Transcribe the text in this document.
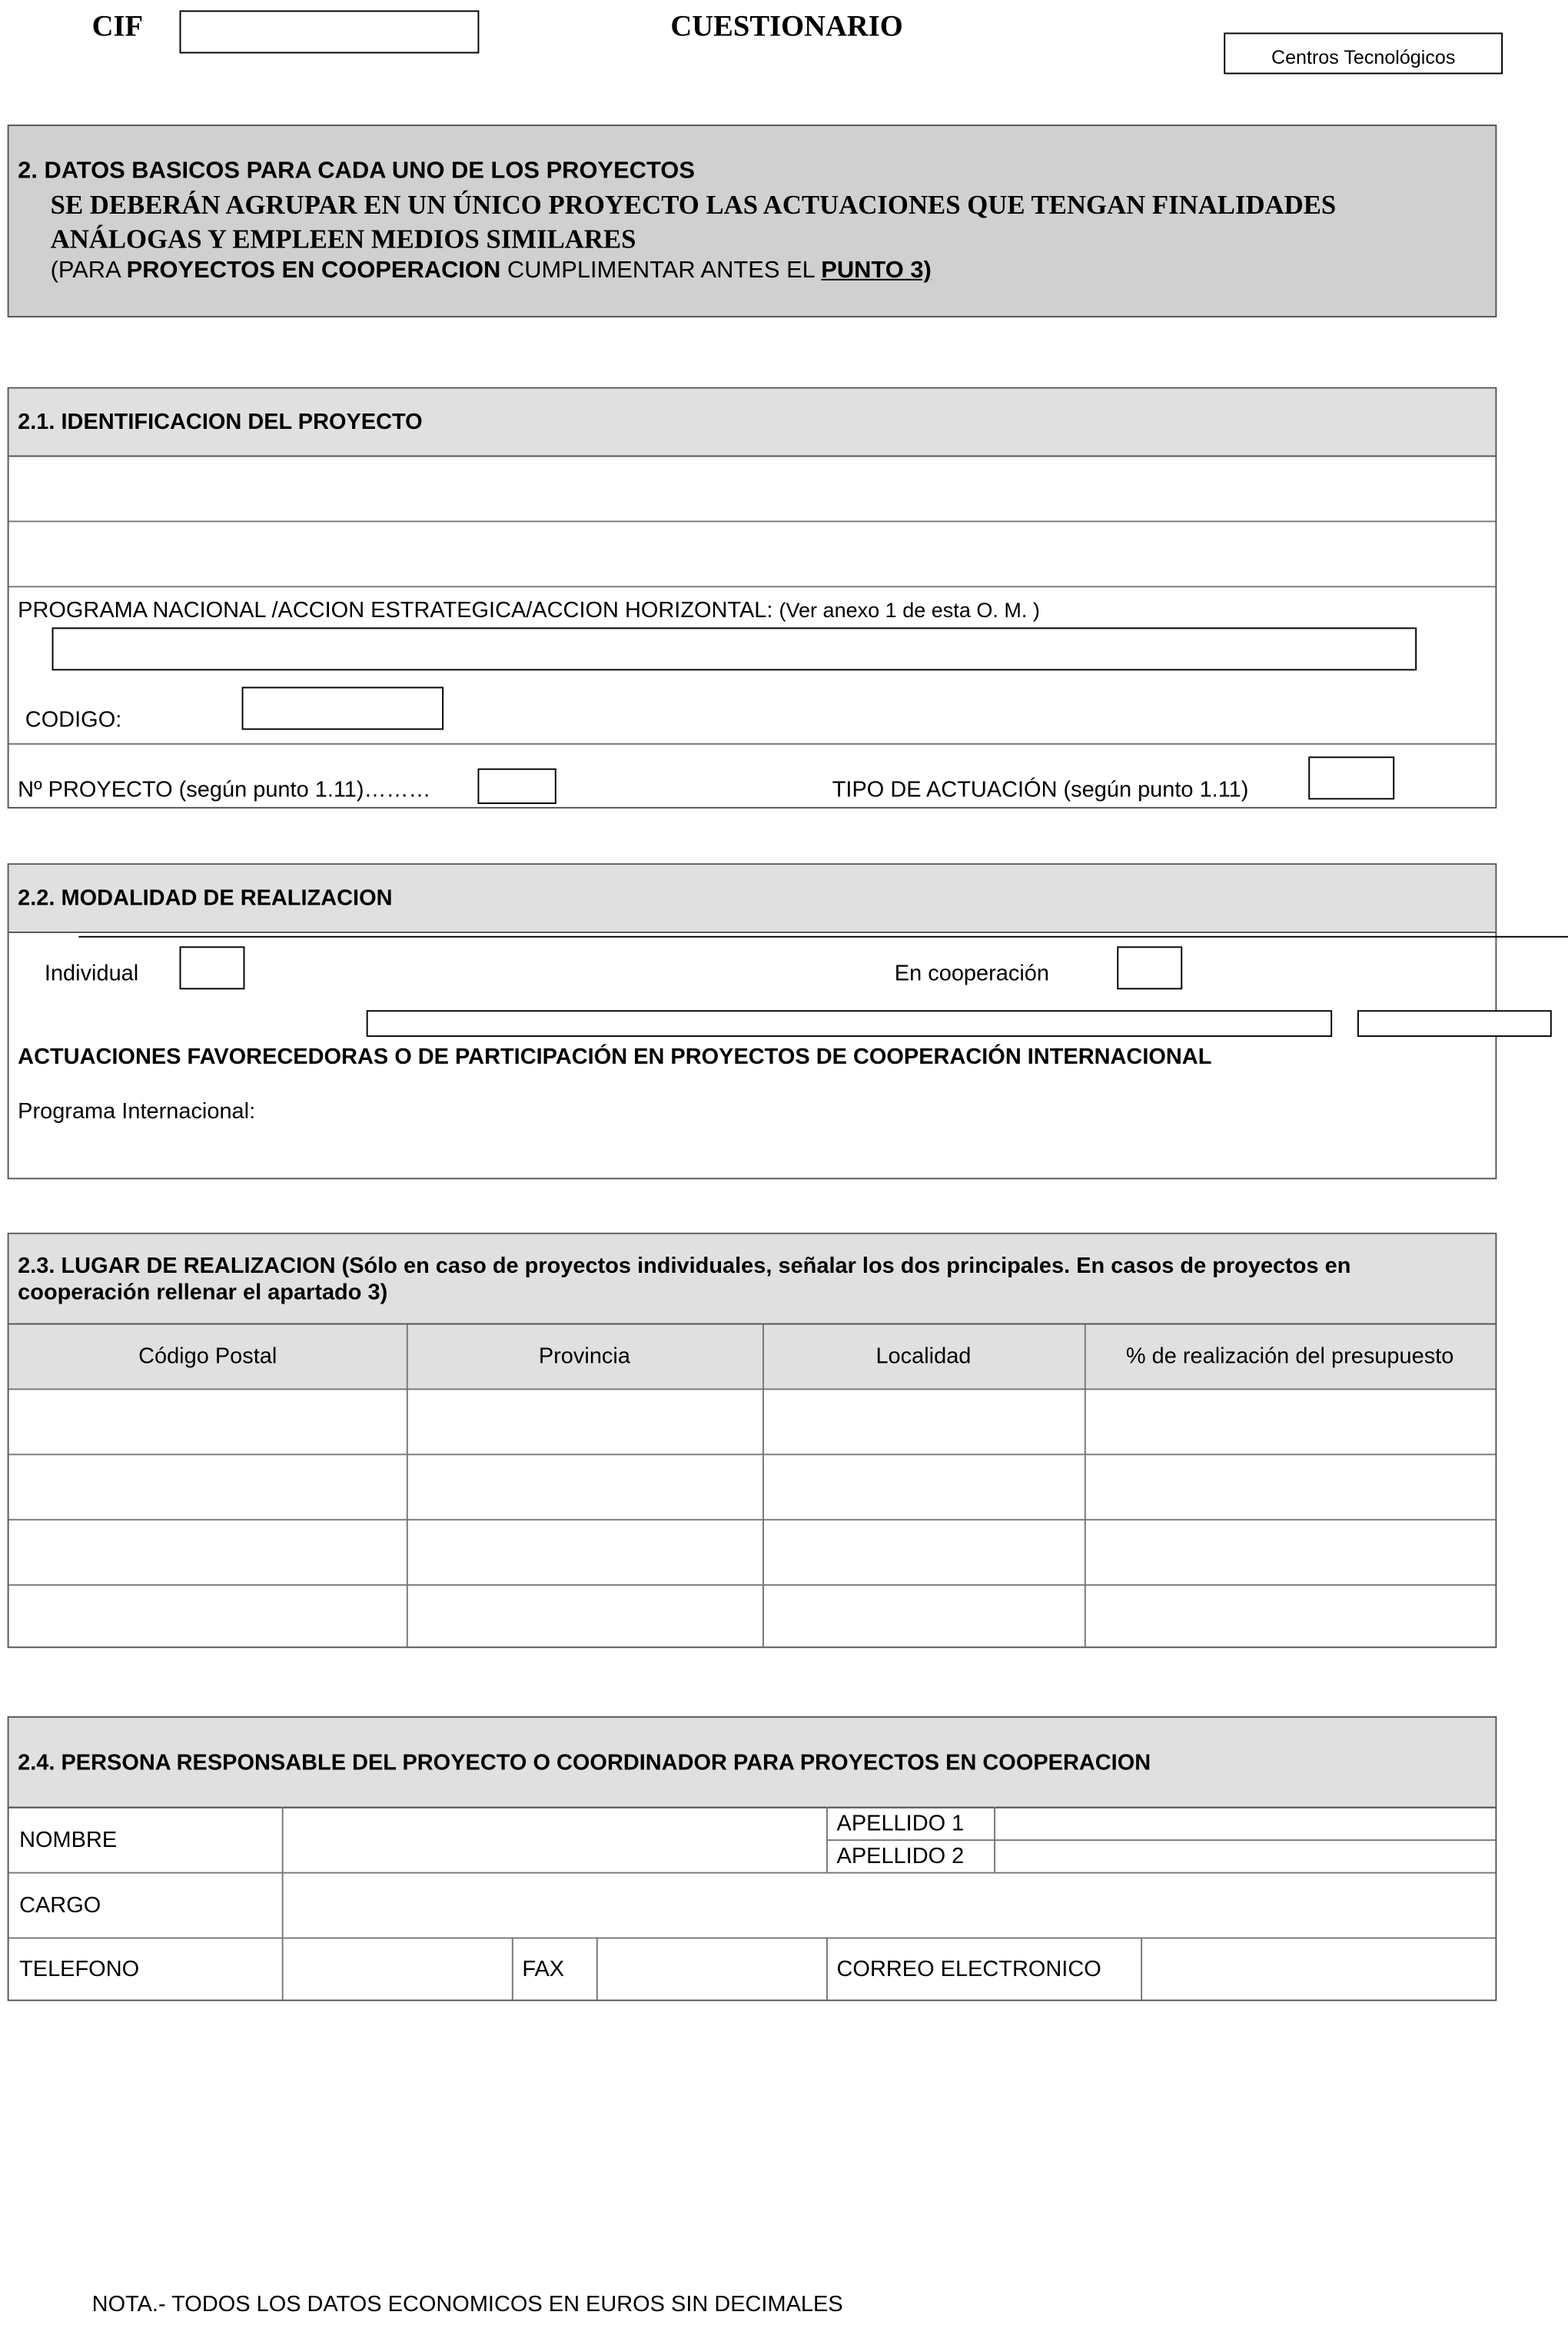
CIF	CUESTIONARIO
Centros Tecnológicos
2. DATOS BASICOS PARA CADA UNO DE LOS PROYECTOS
SE DEBERÁN AGRUPAR EN UN ÚNICO PROYECTO LAS ACTUACIONES QUE TENGAN FINALIDADES
ANÁLOGAS Y EMPLEEN MEDIOS SIMILARES
(PARA PROYECTOS EN COOPERACION CUMPLIMENTAR ANTES EL PUNTO 3)
2.1. IDENTIFICACION DEL PROYECTO
PROGRAMA NACIONAL /ACCION ESTRATEGICA/ACCION HORIZONTAL: (Ver anexo 1 de esta O. M. )
CODIGO:
Nº PROYECTO (según punto 1.11)………	TIPO DE ACTUACIÓN (según punto 1.11)
2.2. MODALIDAD DE REALIZACION
ACTUACIONES FAVORECEDORAS O DE PARTICIPACIÓN EN PROYECTOS DE COOPERACIÓN INTERNACIONAL
Programa Internacional:
Individual	En cooperación
2.3. LUGAR DE REALIZACION (Sólo en caso de proyectos individuales, señalar los dos principales. En casos de proyectos en
cooperación rellenar el apartado 3)
Código Postal	Provincia	Localidad	% de realización del presupuesto
2.4. PERSONA RESPONSABLE DEL PROYECTO O COORDINADOR PARA PROYECTOS EN COOPERACION
NOMBRE
APELLIDO 1
APELLIDO 2
CARGO
TELEFONO	FAX	CORREO ELECTRONICO
NOTA.- TODOS LOS DATOS ECONOMICOS EN EUROS SIN DECIMALES
